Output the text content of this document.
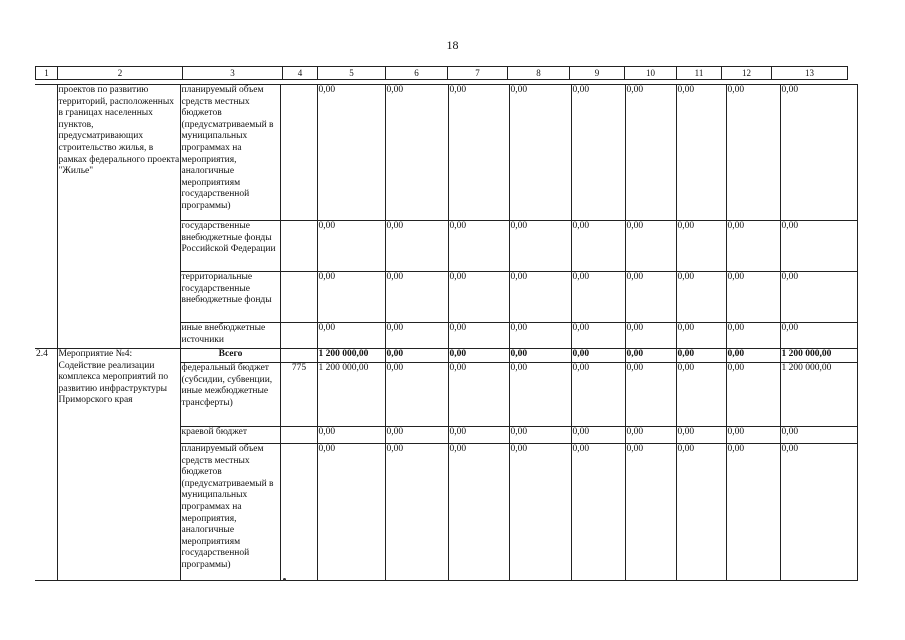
18
1	2	3	4	5	6	7	8	9	10	11	12	13
	проектов по развитию территорий, расположенных в границах населенных пунктов, предусматривающих строительство жилья, в рамках федерального проекта "Жилье"	планируемый объем средств местных бюджетов (предусматриваемый в муниципальных программах на мероприятия, аналогичные мероприятиям государственной программы)		0,00	0,00	0,00	0,00	0,00	0,00	0,00	0,00	0,00
		государственные внебюджетные фонды Российской Федерации		0,00	0,00	0,00	0,00	0,00	0,00	0,00	0,00	0,00
		территориальные государственные внебюджетные фонды		0,00	0,00	0,00	0,00	0,00	0,00	0,00	0,00	0,00
		иные внебюджетные источники		0,00	0,00	0,00	0,00	0,00	0,00	0,00	0,00	0,00
2.4	Мероприятие №4: Содействие реализации комплекса мероприятий по развитию инфраструктуры Приморского края	Всего		1 200 000,00	0,00	0,00	0,00	0,00	0,00	0,00	0,00	1 200 000,00
		федеральный бюджет (субсидии, субвенции, иные межбюджетные трансферты)	775	1 200 000,00	0,00	0,00	0,00	0,00	0,00	0,00	0,00	1 200 000,00
		краевой бюджет		0,00	0,00	0,00	0,00	0,00	0,00	0,00	0,00	0,00
		планируемый объем средств местных бюджетов (предусматриваемый в муниципальных программах на мероприятия, аналогичные мероприятиям государственной программы)		0,00	0,00	0,00	0,00	0,00	0,00	0,00	0,00	0,00
